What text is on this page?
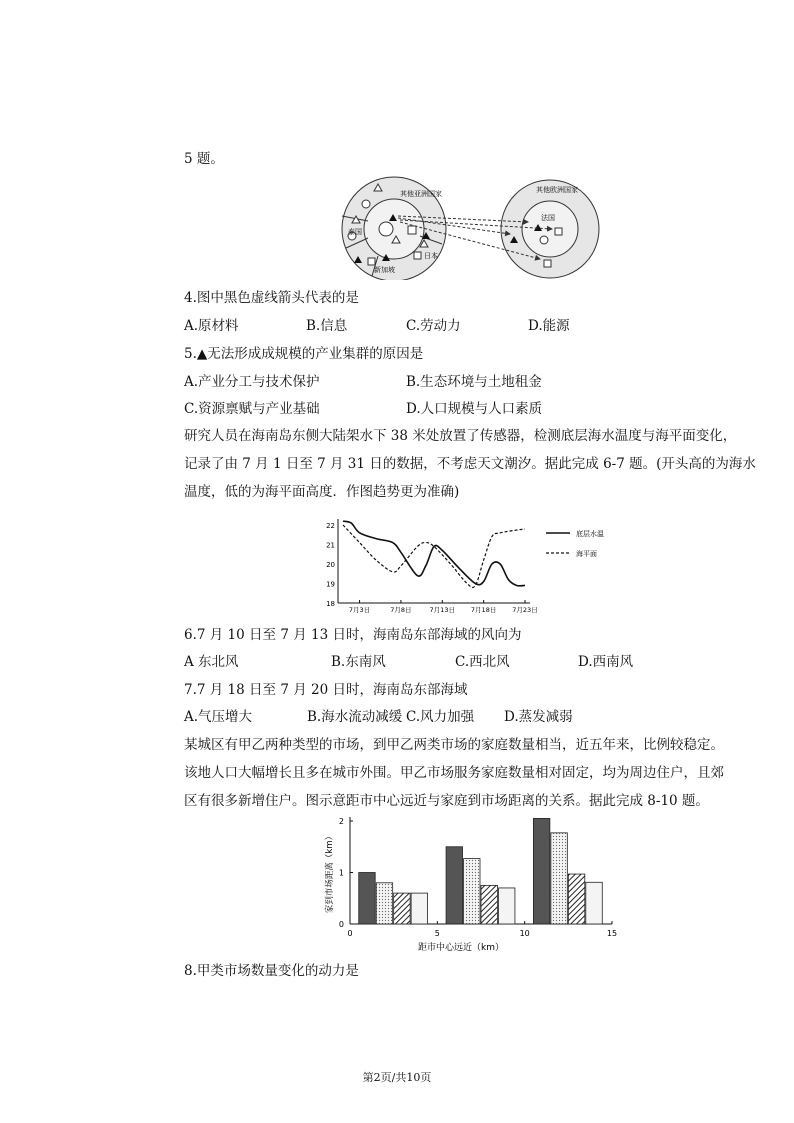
5 题。
其他亚洲国家
泰国
新加坡
日本
其他欧洲国家
法国
4.图中黑色虚线箭头代表的是
A.原材料	B.信息	C.劳动力	D.能源
5.▲无法形成成规模的产业集群的原因是
A.产业分工与技术保护	B.生态环境与土地租金
C.资源禀赋与产业基础	D.人口规模与人口素质
研究人员在海南岛东侧大陆架水下 38 米处放置了传感器，检测底层海水温度与海平面变化，
记录了由 7 月 1 日至 7 月 31 日的数据，不考虑天文潮汐。据此完成 6-7 题。(开头高的为海水
温度，低的为海平面高度．作图趋势更为准确)
18
19
20
21
22
7月3日	7月8日	7月13日 7月18日 7月23日
6.7 月 10 日至 7 月 13 日时，海南岛东部海域的风向为
A 东北风	B.东南风	C.西北风	D.西南风
7.7 月 18 日至 7 月 20 日时，海南岛东部海域
A.气压增大	B.海水流动减缓 C.风力加强 D.蒸发减弱
某城区有甲乙两种类型的市场，到甲乙两类市场的家庭数量相当，近五年来，比例较稳定。
该地人口大幅增长且多在城市外围。甲乙市场服务家庭数量相对固定，均为周边住户，且郊
区有很多新增住户。图示意距市中心远近与家庭到市场距离的关系。据此完成 8-10 题。
0
1
2
0	5	10	15
距市中心远近（km）
家到市场距离（km）
8.甲类市场数量变化的动力是
第2页/共10页
底层水温
海平面
